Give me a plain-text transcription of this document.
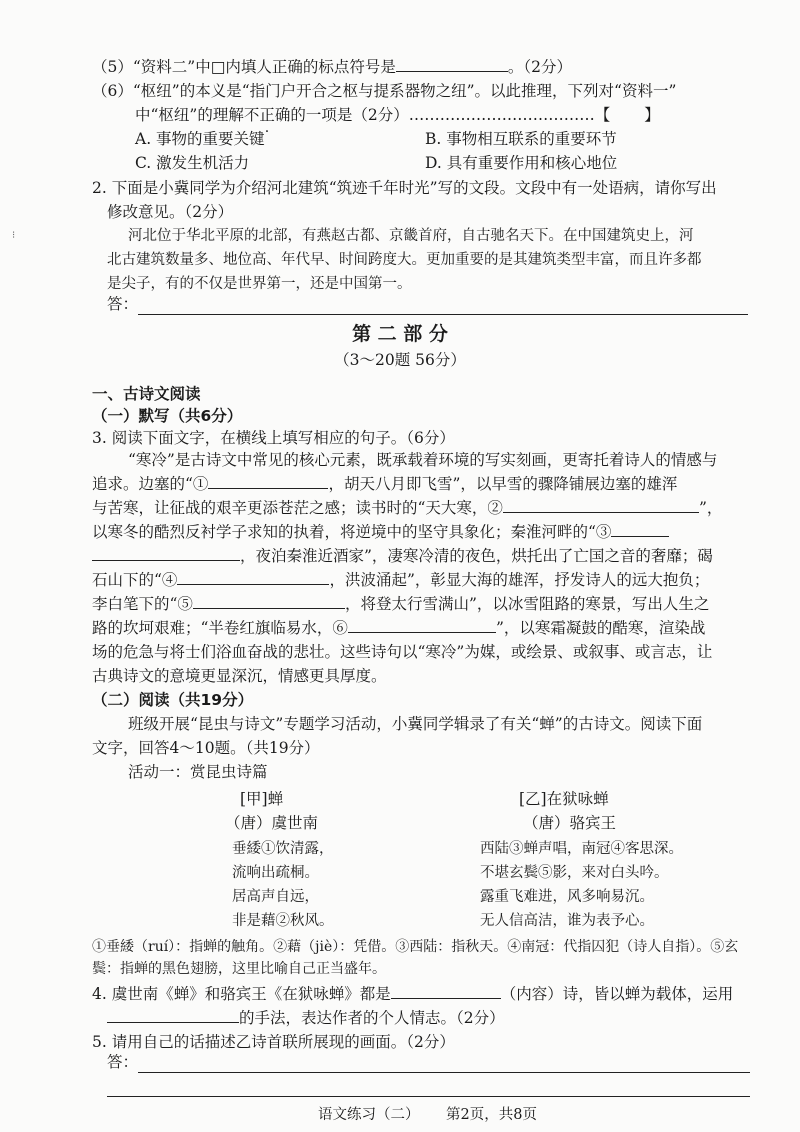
⁝
（5）“资料二”中□内填人正确的标点符号是	。（2分）
（6）“枢纽”的本义是“指门户开合之枢与提系器物之纽”。以此推理，下列对“资料一”
中“枢纽”的理解不正确的一项是（2分）………………………………【 】
A. 事物的重要关键	B. 事物相互联系的重要环节
C. 激发生机活力	D. 具有重要作用和核心地位
2. 下面是小冀同学为介绍河北建筑“筑迹千年时光”写的文段。文段中有一处语病，请你写出
修改意见。（2分）
河北位于华北平原的北部，有燕赵古都、京畿首府，自古驰名天下。在中国建筑史上，河
北古建筑数量多、地位高、年代早、时间跨度大。更加重要的是其建筑类型丰富，而且许多都
是尖子，有的不仅是世界第一，还是中国第一。
答：
第 二 部 分
（3～20题 56分）
一、古诗文阅读
（一）默写（共6分）
3. 阅读下面文字，在横线上填写相应的句子。（6分）
“寒冷”是古诗文中常见的核心元素，既承载着环境的写实刻画，更寄托着诗人的情感与
追求。边塞的“①	，胡天八月即飞雪”，以早雪的骤降铺展边塞的雄浑
与苦寒，让征战的艰辛更添苍茫之感；读书时的“天大寒，②	”，
以寒冬的酷烈反衬学子求知的执着，将逆境中的坚守具象化；秦淮河畔的“③
，夜泊秦淮近酒家”，凄寒冷清的夜色，烘托出了亡国之音的奢靡；碣
石山下的“④	，洪波涌起”，彰显大海的雄浑，抒发诗人的远大抱负；
李白笔下的“⑤	，将登太行雪满山”，以冰雪阻路的寒景，写出人生之
路的坎坷艰难；“半卷红旗临易水，⑥	”，以寒霜凝鼓的酷寒，渲染战
场的危急与将士们浴血奋战的悲壮。这些诗句以“寒冷”为媒，或绘景、或叙事、或言志，让
古典诗文的意境更显深沉，情感更具厚度。
（二）阅读（共19分）
班级开展“昆虫与诗文”专题学习活动，小冀同学辑录了有关“蝉”的古诗文。阅读下面
文字，回答4～10题。（共19分）
活动一：赏昆虫诗篇
[甲]蝉
（唐）虞世南
垂緌①饮清露，
流响出疏桐。
居高声自远，
非是藉②秋风。
[乙]在狱咏蝉
（唐）骆宾王
西陆③蝉声唱，南冠④客思深。
不堪玄鬓⑤影，来对白头吟。
露重飞难进，风多响易沉。
无人信高洁，谁为表予心。
①垂緌（ruí）：指蝉的触角。②藉（jiè）：凭借。③西陆：指秋天。④南冠：代指囚犯（诗人自指）。⑤玄
鬓：指蝉的黑色翅膀，这里比喻自己正当盛年。
4. 虞世南《蝉》和骆宾王《在狱咏蝉》都是	（内容）诗，皆以蝉为载体，运用
的手法，表达作者的个人情志。（2分）
5. 请用自己的话描述乙诗首联所展现的画面。（2分）
答：
语文练习（二） 第2页，共8页
